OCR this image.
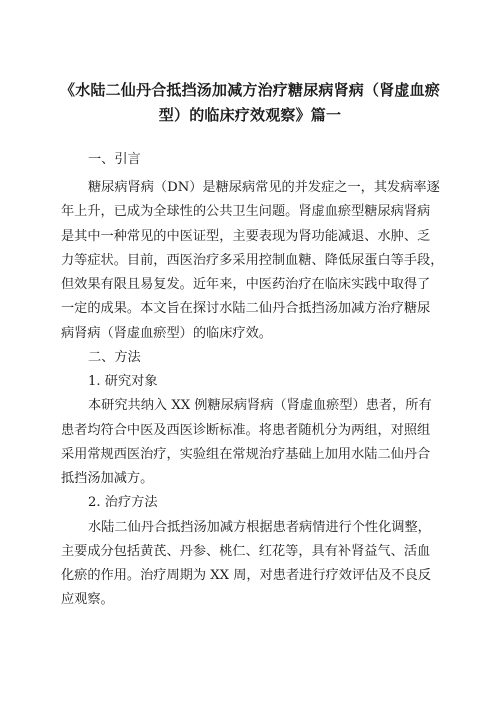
《水陆二仙丹合抵挡汤加减方治疗糖尿病肾病（肾虚血瘀
型）的临床疗效观察》篇一
一、引言
糖尿病肾病（DN）是糖尿病常见的并发症之一，其发病率逐
年上升，已成为全球性的公共卫生问题。肾虚血瘀型糖尿病肾病
是其中一种常见的中医证型，主要表现为肾功能减退、水肿、乏
力等症状。目前，西医治疗多采用控制血糖、降低尿蛋白等手段，
但效果有限且易复发。近年来，中医药治疗在临床实践中取得了
一定的成果。本文旨在探讨水陆二仙丹合抵挡汤加减方治疗糖尿
病肾病（肾虚血瘀型）的临床疗效。
二、方法
1. 研究对象
本研究共纳入 XX 例糖尿病肾病（肾虚血瘀型）患者，所有
患者均符合中医及西医诊断标准。将患者随机分为两组，对照组
采用常规西医治疗，实验组在常规治疗基础上加用水陆二仙丹合
抵挡汤加减方。
2. 治疗方法
水陆二仙丹合抵挡汤加减方根据患者病情进行个性化调整，
主要成分包括黄芪、丹参、桃仁、红花等，具有补肾益气、活血
化瘀的作用。治疗周期为 XX 周，对患者进行疗效评估及不良反
应观察。
